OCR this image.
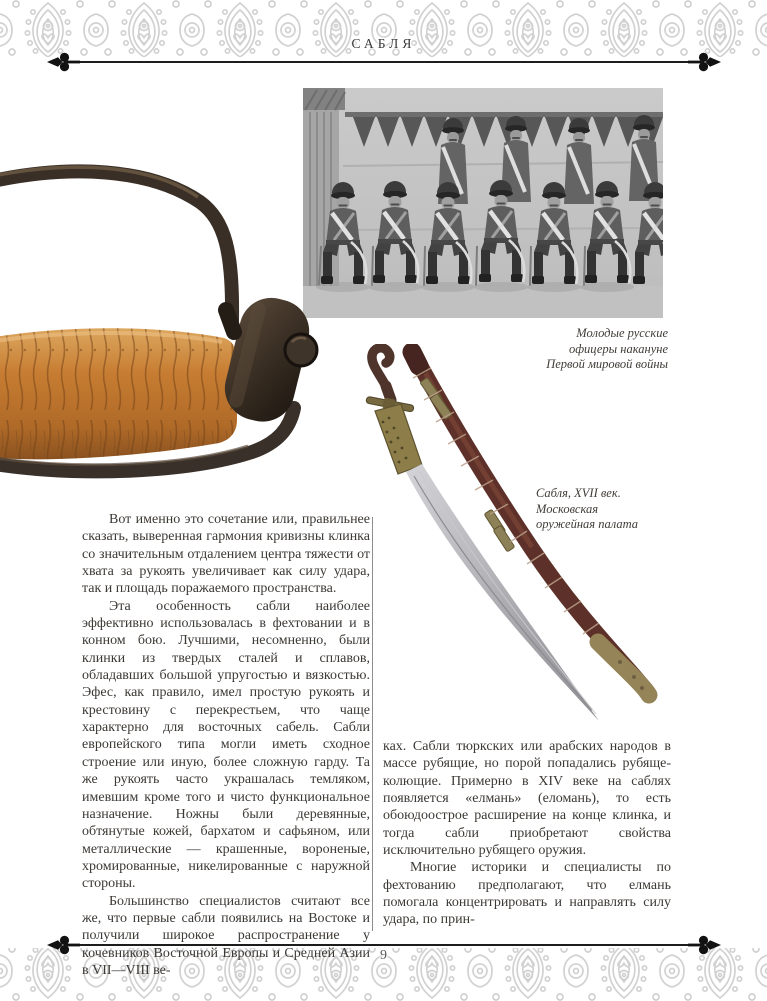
САБЛЯ
9
Молодые русские
офицеры накануне
Первой мировой войны
Сабля, XVII век.
Московская
оружейная палата

Вот именно это сочетание или, правильнее сказать, выверенная гармония кривизны клинка со значительным отдалением центра тяжести от хвата за рукоять увеличивает как силу удара, так и площадь поражаемого пространства.

Эта особенность сабли наиболее эффективно использовалась в фехтовании и в конном бою. Лучшими, несомненно, были клинки из твердых сталей и сплавов, обладавших большой упругостью и вязкостью. Эфес, как правило, имел простую рукоять и крестовину с перекрестьем, что чаще характерно для восточных сабель. Сабли европейского типа могли иметь сходное строение или иную, более сложную гарду. Та же рукоять часто украшалась темляком, имевшим кроме того и чисто функциональное назначение. Ножны были деревянные, обтянутые кожей, бархатом и сафьяном, или металлические — крашенные, вороненые, хромированные, никелированные с наружной стороны.

Большинство специалистов считают все же, что первые сабли появились на Востоке и получили широкое распространение у кочевников Восточной Европы и Средней Азии в VII—VIII ве-

ках. Сабли тюркских или арабских народов в массе рубящие, но порой попадались рубяще-колющие. Примерно в XIV веке на саблях появляется «елмань» (еломань), то есть обоюдоострое расширение на конце клинка, и тогда сабли приобретают свойства исключительно рубящего оружия.

Многие историки и специалисты по фехтованию предполагают, что елмань помогала концентрировать и направлять силу удара, по прин-
